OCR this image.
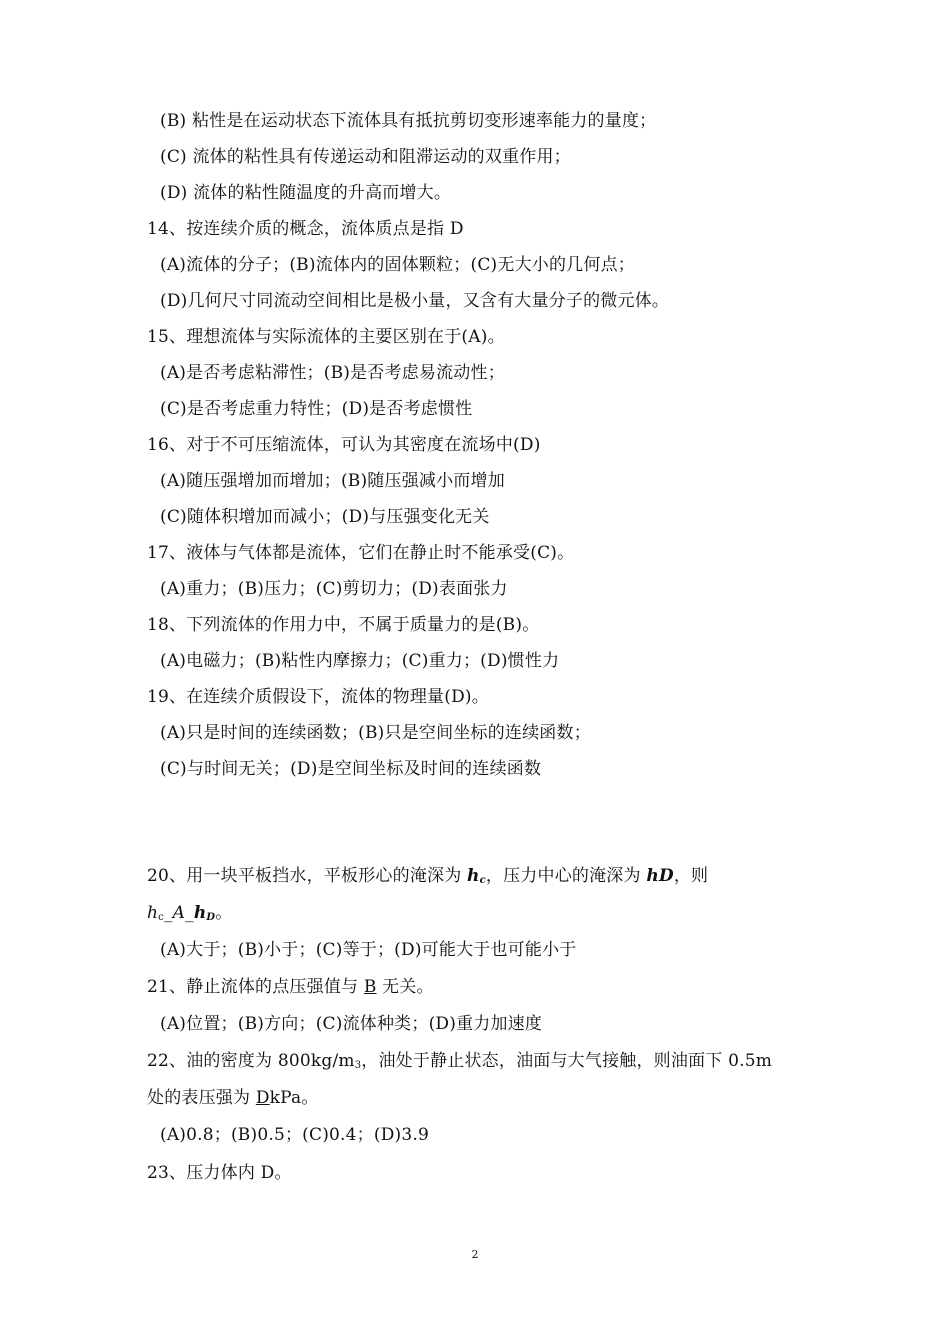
(B) 粘性是在运动状态下流体具有抵抗剪切变形速率能力的量度；
(C) 流体的粘性具有传递运动和阻滞运动的双重作用；
(D) 流体的粘性随温度的升高而增大。
14、按连续介质的概念，流体质点是指 D
(A)流体的分子；(B)流体内的固体颗粒；(C)无大小的几何点；
(D)几何尺寸同流动空间相比是极小量，又含有大量分子的微元体。
15、理想流体与实际流体的主要区别在于(A)。
(A)是否考虑粘滞性；(B)是否考虑易流动性；
(C)是否考虑重力特性；(D)是否考虑惯性
16、对于不可压缩流体，可认为其密度在流场中(D)
(A)随压强增加而增加；(B)随压强减小而增加
(C)随体积增加而减小；(D)与压强变化无关
17、液体与气体都是流体，它们在静止时不能承受(C)。
(A)重力；(B)压力；(C)剪切力；(D)表面张力
18、下列流体的作用力中，不属于质量力的是(B)。
(A)电磁力；(B)粘性内摩擦力；(C)重力；(D)惯性力
19、在连续介质假设下，流体的物理量(D)。
(A)只是时间的连续函数；(B)只是空间坐标的连续函数；
(C)与时间无关；(D)是空间坐标及时间的连续函数
20、用一块平板挡水，平板形心的淹深为 $h_c$，压力中心的淹深为 hD，则
$h_c\_A\_h_D$。
(A)大于；(B)小于；(C)等于；(D)可能大于也可能小于
21、静止流体的点压强值与 B 无关。
(A)位置；(B)方向；(C)流体种类；(D)重力加速度
22、油的密度为 800kg/m3，油处于静止状态，油面与大气接触，则油面下 0.5m
处的表压强为 DkPa。
(A)0.8；(B)0.5；(C)0.4；(D)3.9
23、压力体内 D。
2
